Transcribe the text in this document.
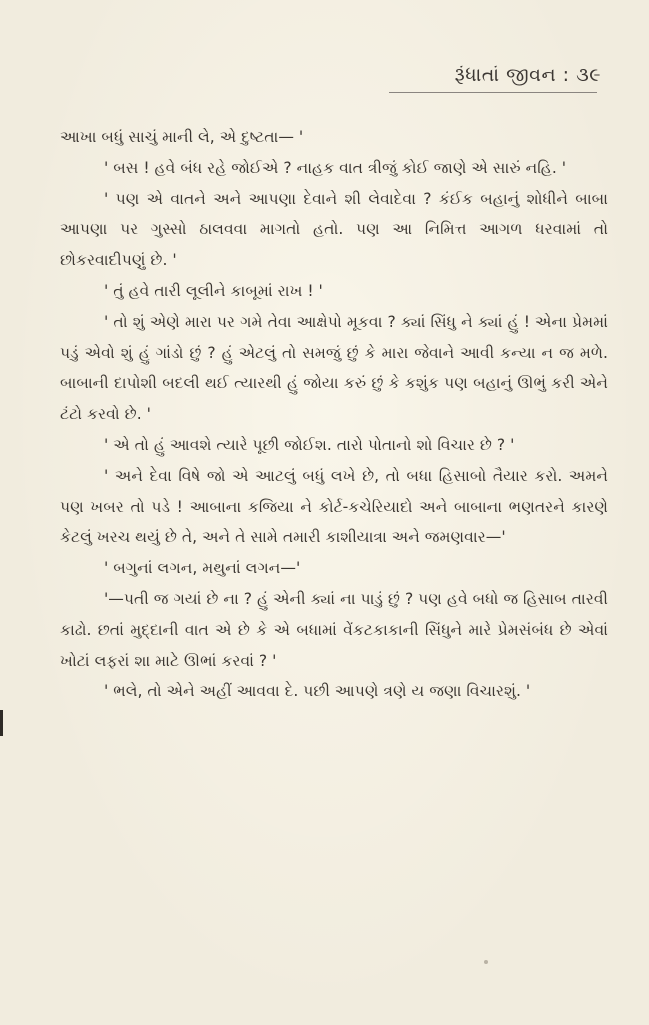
રૂંધાતાં જીવન : ૩૯

આખા બધું સાચું માની લે, એ દુષ્ટતા— '

' બસ ! હવે બંધ રહે જોઈએ ? નાહક વાત ત્રીજું કોઈ જાણે એ સારું નહિ. '

' પણ એ વાતને અને આપણા દેવાને શી લેવાદેવા ? કંઈક બહાનું શોધીને બાબા આપણા પર ગુસ્સો ઠાલવવા માગતો હતો. પણ આ નિમિત્ત આગળ ધરવામાં તો છોકરવાદીપણું છે. '

' તું હવે તારી લૂલીને કાબૂમાં રાખ ! '

' તો શું એણે મારા પર ગમે તેવા આક્ષેપો મૂકવા ? ક્યાં સિંધુ ને ક્યાં હું ! એના પ્રેમમાં પડું એવો શું હું ગાંડો છું ? હું એટલું તો સમજું છું કે મારા જેવાને આવી કન્યા ન જ મળે. બાબાની દાપોશી બદલી થઈ ત્યારથી હું જોયા કરું છું કે કશુંક પણ બહાનું ઊભું કરી એને ટંટો કરવો છે. '

' એ તો હું આવશે ત્યારે પૂછી જોઈશ. તારો પોતાનો શો વિચાર છે ? '

' અને દેવા વિષે જો એ આટલું બધું લખે છે, તો બધા હિસાબો તૈયાર કરો. અમને પણ ખબર તો પડે ! આબાના કજિયા ને કોર્ટ-કચેરિયાદો અને બાબાના ભણતરને કારણે કેટલું ખરચ થયું છે તે, અને તે સામે તમારી કાશીયાત્રા અને જમણવાર—'

' બગુનાં લગન, મથુનાં લગન—'

'—પતી જ ગયાં છે ના ? હું એની ક્યાં ના પાડું છું ? પણ હવે બધો જ હિસાબ તારવી કાઢો. છતાં મુદ્દાની વાત એ છે કે એ બધામાં વેંકટકાકાની સિંધુને મારે પ્રેમસંબંધ છે એવાં ખોટાં લફરાં શા માટે ઊભાં કરવાં ? '

' ભલે, તો એને અહીં આવવા દે. પછી આપણે ત્રણે ય જણા વિચારશું. '
